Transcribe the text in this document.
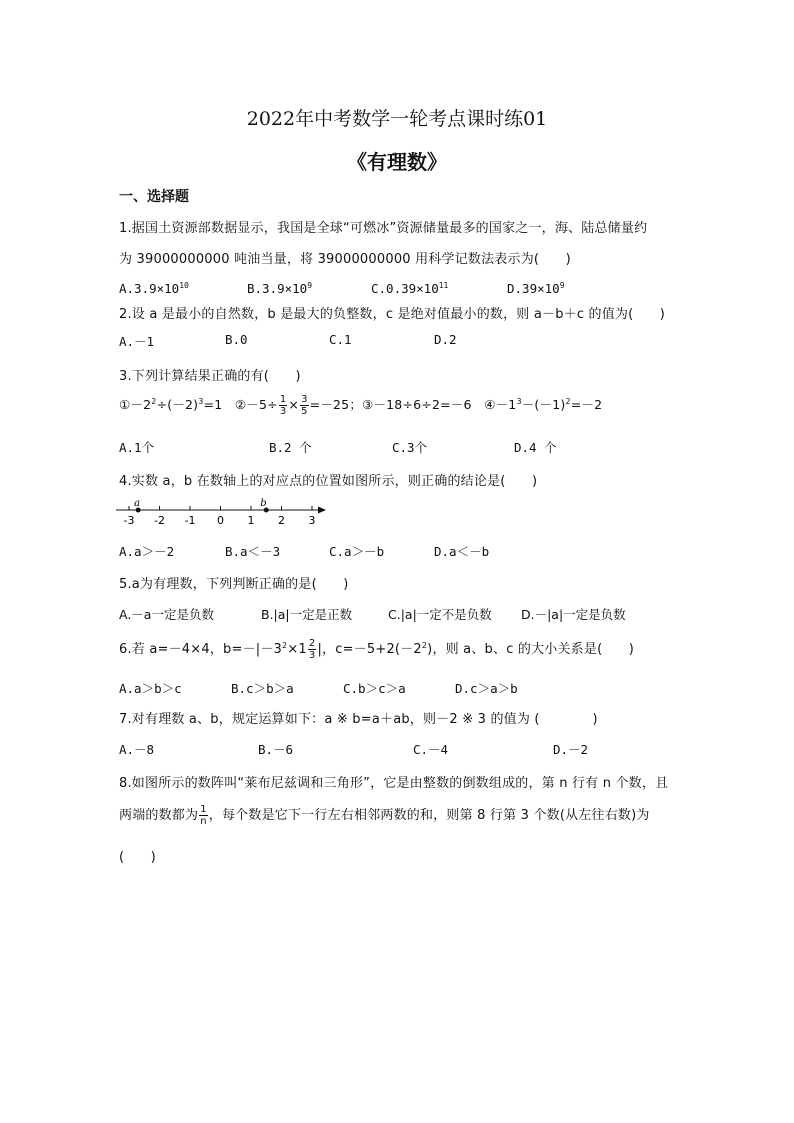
2022年中考数学一轮考点课时练01
《有理数》
一、选择题
1.据国土资源部数据显示，我国是全球“可燃冰”资源储量最多的国家之一，海、陆总储量约
为 39000000000 吨油当量，将 39000000000 用科学记数法表示为(　　)
$A.3.9\times 10^{10}$	$B.3.9\times 10^9$	$C.0.39\times 10^{11}$	$D.39\times 10^9$
2.设 a 是最小的自然数，b 是最大的负整数，c 是绝对值最小的数，则 a－b＋c 的值为(　　)
A.－1	B.0	C.1	D.2
3.下列计算结果正确的有(　　)
$①-2^2\div(-2)^3=1$ ②－5÷ $\frac{1}{3} \times \frac{3}{5} =-25$；③－18÷6÷2=－6 $④-1^3-(-1)^2=-2$
A.1个	B.2 个	C.3个	D.4 个
4.实数 a，b 在数轴上的对应点的位置如图所示，则正确的结论是(　　)
-3 -2 -1 0 1 2 3
a	b
A.a＞－2	B.a＜－3	C.a＞－b	D.a＜－b
5.a为有理数，下列判断正确的是(　　)
A.－a一定是负数	B.|a|一定是正数	C.|a|一定不是负数 D.－|a|一定是负数
6.若 a=－4×4，$b=-|-3^2\times 1 \frac{2}{3}$ |，$c=-5+2(-2^2)$，则 a、b、c 的大小关系是(　　)
A.a＞b＞c	B.c＞b＞a	C.b＞c＞a	D.c＞a＞b
7.对有理数 a、b，规定运算如下：a ※ b=a＋ab，则－2 ※ 3 的值为 (　　　　)
A.－8	B.－6	C.－4	D.－2
8.如图所示的数阵叫“莱布尼兹调和三角形”，它是由整数的倒数组成的，第 n 行有 n 个数，且
两端的数都为 $\frac{1}{n}$ ，每个数是它下一行左右相邻两数的和，则第 8 行第 3 个数(从左往右数)为
(　　)
